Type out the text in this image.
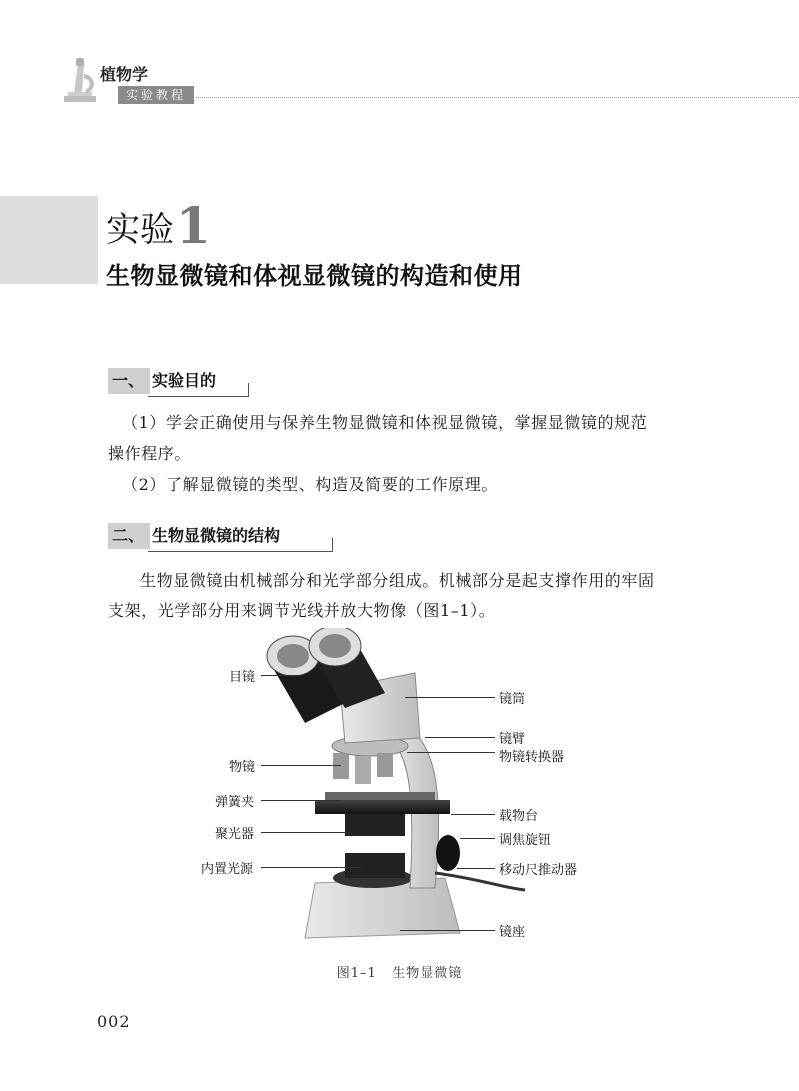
植物学
实验教程
实验1
生物显微镜和体视显微镜的构造和使用
一、 实验目的
（1）学会正确使用与保养生物显微镜和体视显微镜，掌握显微镜的规范
操作程序。
（2）了解显微镜的类型、构造及简要的工作原理。
二、 生物显微镜的结构
生物显微镜由机械部分和光学部分组成。机械部分是起支撑作用的牢固
支架，光学部分用来调节光线并放大物像（图1–1）。
目镜
物镜
弹簧夹
聚光器
内置光源
镜筒
镜臂
物镜转换器
载物台
调焦旋钮
移动尺推动器
镜座
图1–1 生物显微镜
002
